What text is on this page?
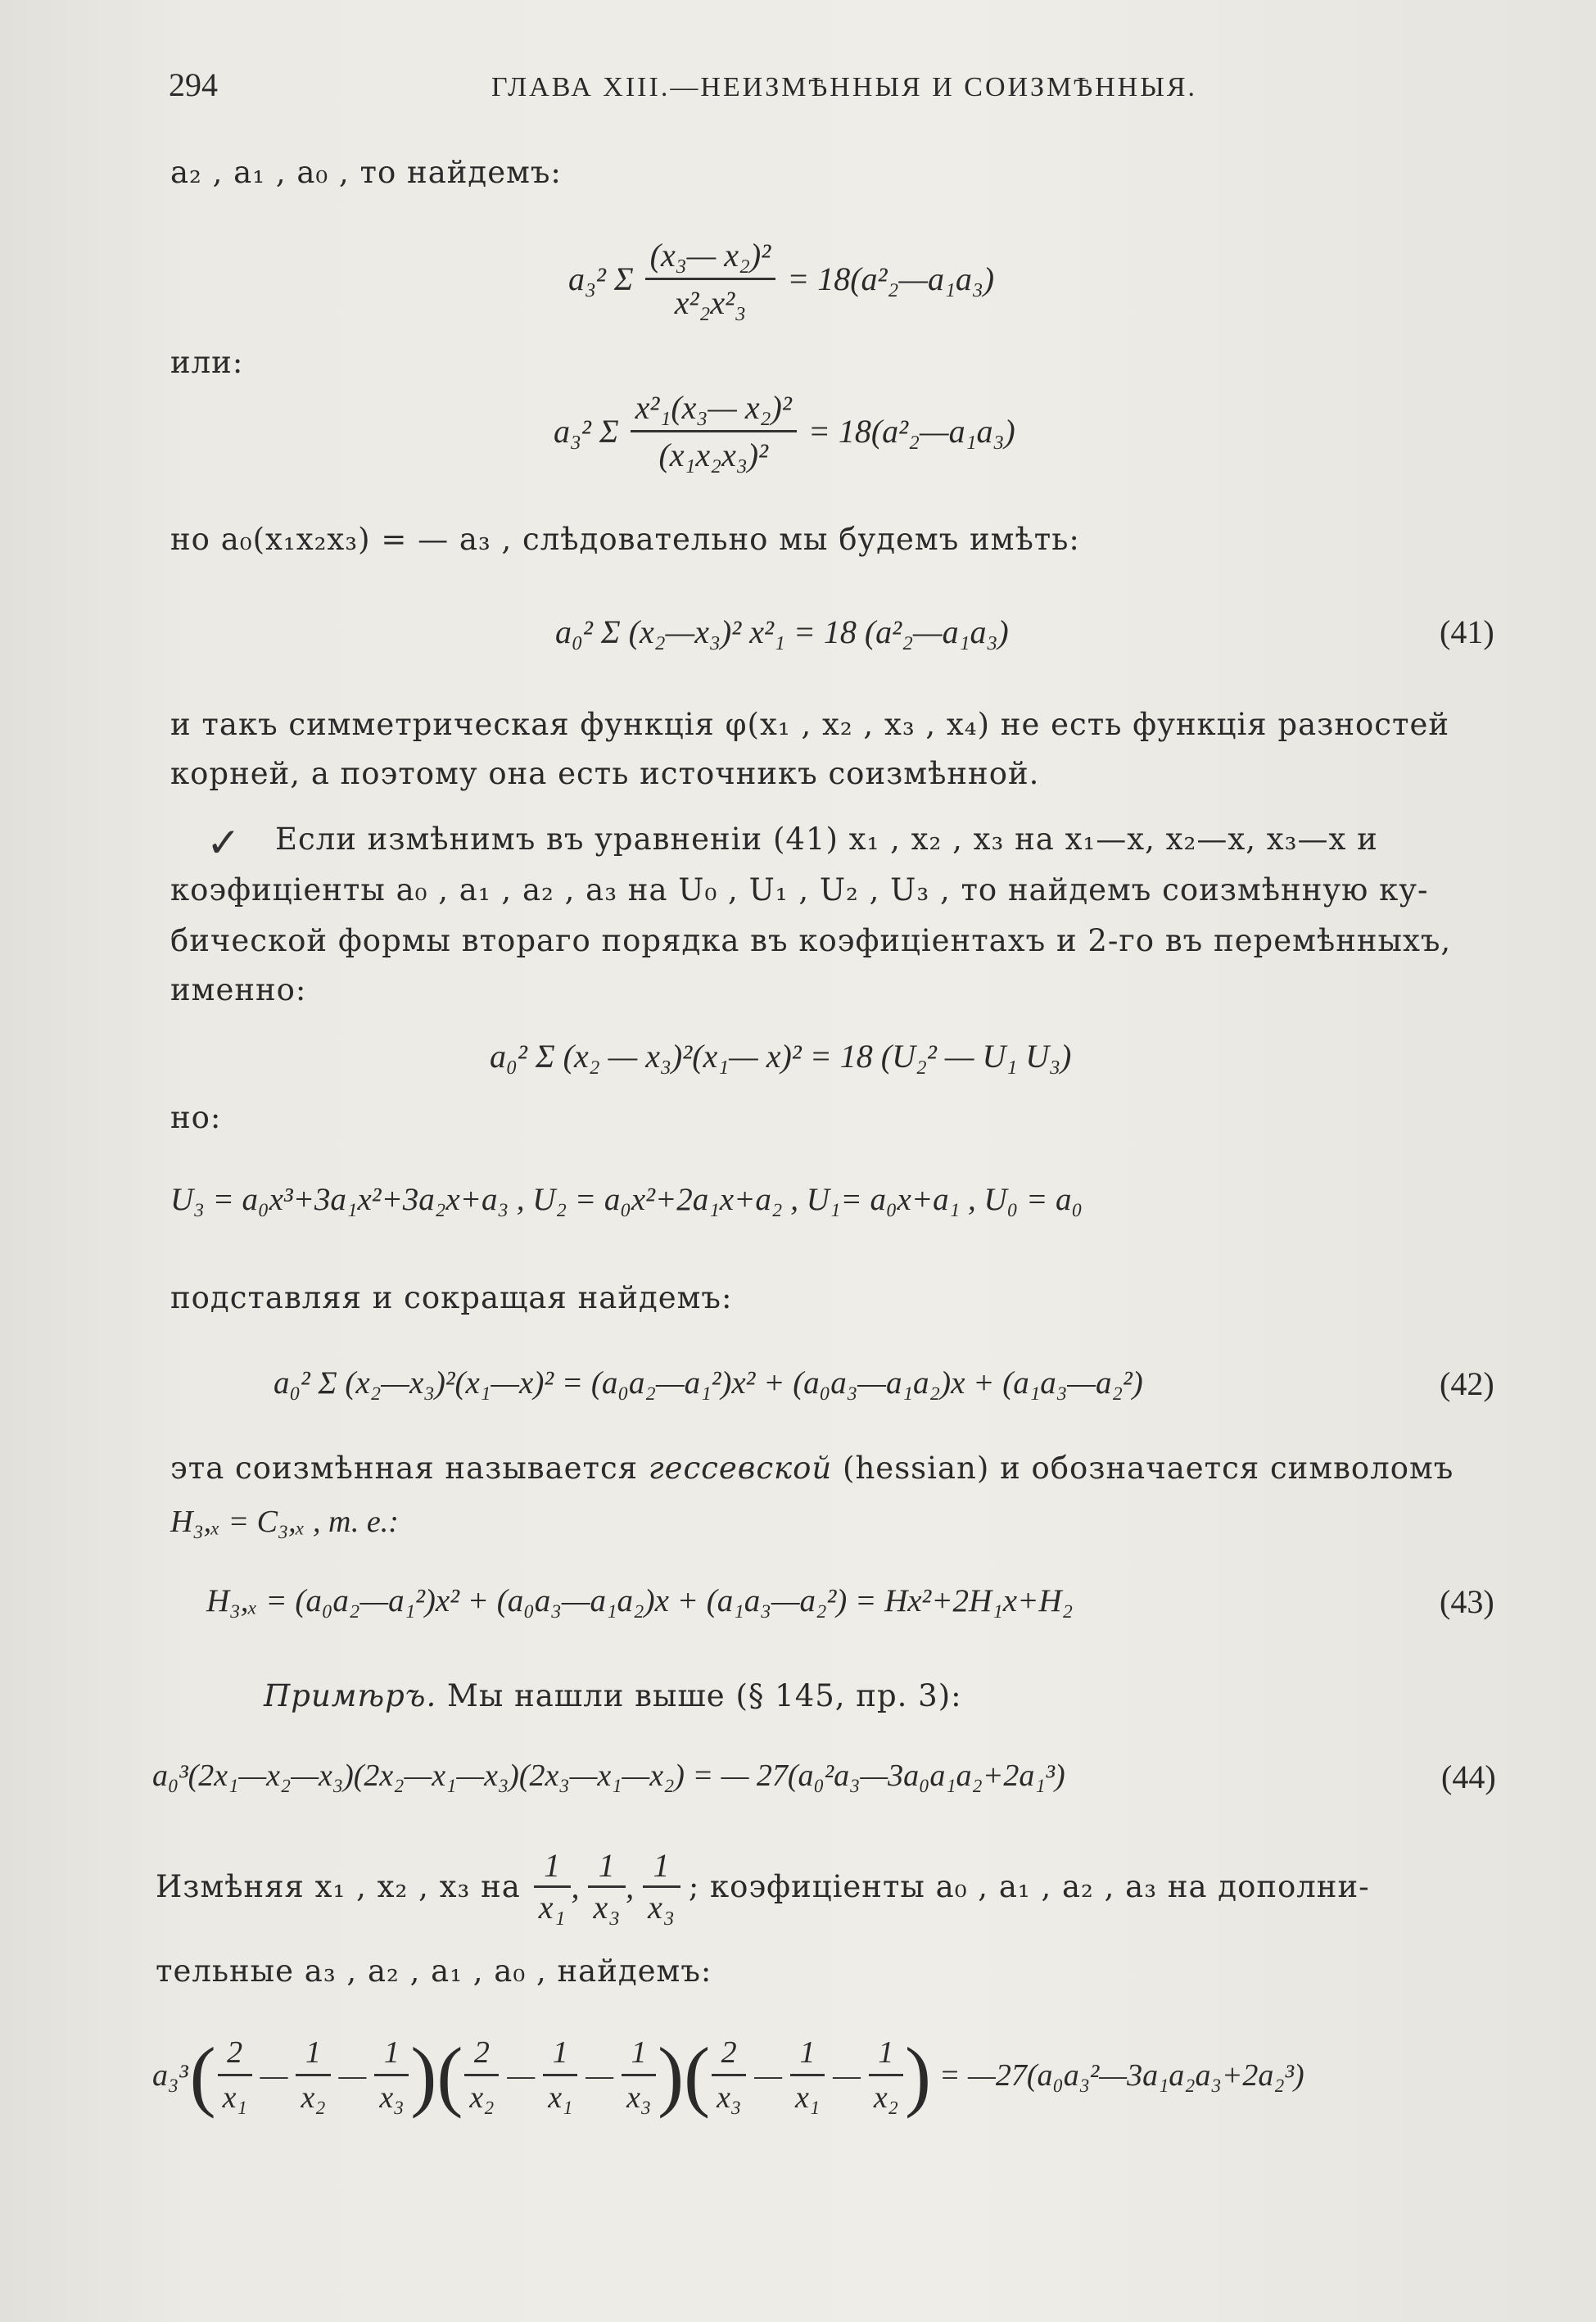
294	ГЛАВА XIII.—НЕИЗМѢННЫЯ И СОИЗМѢННЫЯ.
a₂ , a₁ , a₀ , то найдемъ:
a₃² Σ $\frac{\text{(x₃— x₂)²}}{\text{x²₂x²₃}}$ = 18(a²₂—a₁a₃)
или:
a₃² Σ $\frac{\text{x²₁(x₃— x₂)²}}{\text{(x₁x₂x₃)²}}$ = 18(a²₂—a₁a₃)
но a₀(x₁x₂x₃) = — a₃ , слѣдовательно мы будемъ имѣть:
a₀² Σ (x₂—x₃)² x²₁ = 18 (a²₂—a₁a₃)	(41)
и такъ симметрическая функція φ(x₁ , x₂ , x₃ , x₄) не есть функція разностей
корней, а поэтому она есть источникъ соизмѣнной.
✓ Если измѣнимъ въ уравненіи (41) x₁ , x₂ , x₃ на x₁—x, x₂—x, x₃—x и
коэфиціенты a₀ , a₁ , a₂ , a₃ на U₀ , U₁ , U₂ , U₃ , то найдемъ соизмѣнную ку-
бической формы втораго порядка въ коэфиціентахъ и 2-го въ перемѣнныхъ,
именно:
a₀² Σ (x₂ — x₃)²(x₁— x)² = 18 (U₂² — U₁ U₃)
но:
U₃ = a₀x³+3a₁x²+3a₂x+a₃ , U₂ = a₀x²+2a₁x+a₂ , U₁= a₀x+a₁ , U₀ = a₀
подставляя и сокращая найдемъ:
a₀² Σ (x₂—x₃)²(x₁—x)² = (a₀a₂—a₁²)x² + (a₀a₃—a₁a₂)x + (a₁a₃—a₂²)	(42)
эта соизмѣнная называется гессевской (hessian) и обозначается символомъ
H₃,ₓ = C₃,ₓ , т. е.:
H₃,ₓ = (a₀a₂—a₁²)x² + (a₀a₃—a₁a₂)x + (a₁a₃—a₂²) = Hx²+2H₁x+H₂	(43)
Примѣръ. Мы нашли выше (§ 145, пр. 3):
a₀³(2x₁—x₂—x₃)(2x₂—x₁—x₃)(2x₃—x₁—x₂) = — 27(a₀²a₃—3a₀a₁a₂+2a₁³)	(44)
Измѣняя x₁ , x₂ , x₃ на $\frac{1}{\text{x₁}}$ , $\frac{1}{\text{x₃}}$ , $\frac{1}{\text{x₃}}$ ; коэфиціенты a₀ , a₁ , a₂ , a₃ на дополни-
тельные a₃ , a₂ , a₁ , a₀ , найдемъ:
a₃³ ( $\frac{2}{\text{x₁}}$ — $\frac{1}{\text{x₂}}$ — $\frac{1}{\text{x₃}}$ )( $\frac{2}{\text{x₂}}$ — $\frac{1}{\text{x₁}}$ — $\frac{1}{\text{x₃}}$ )( $\frac{2}{\text{x₃}}$ — $\frac{1}{\text{x₁}}$ — $\frac{1}{\text{x₂}}$ ) = —27(a₀a₃²—3a₁a₂a₃+2a₂³)
